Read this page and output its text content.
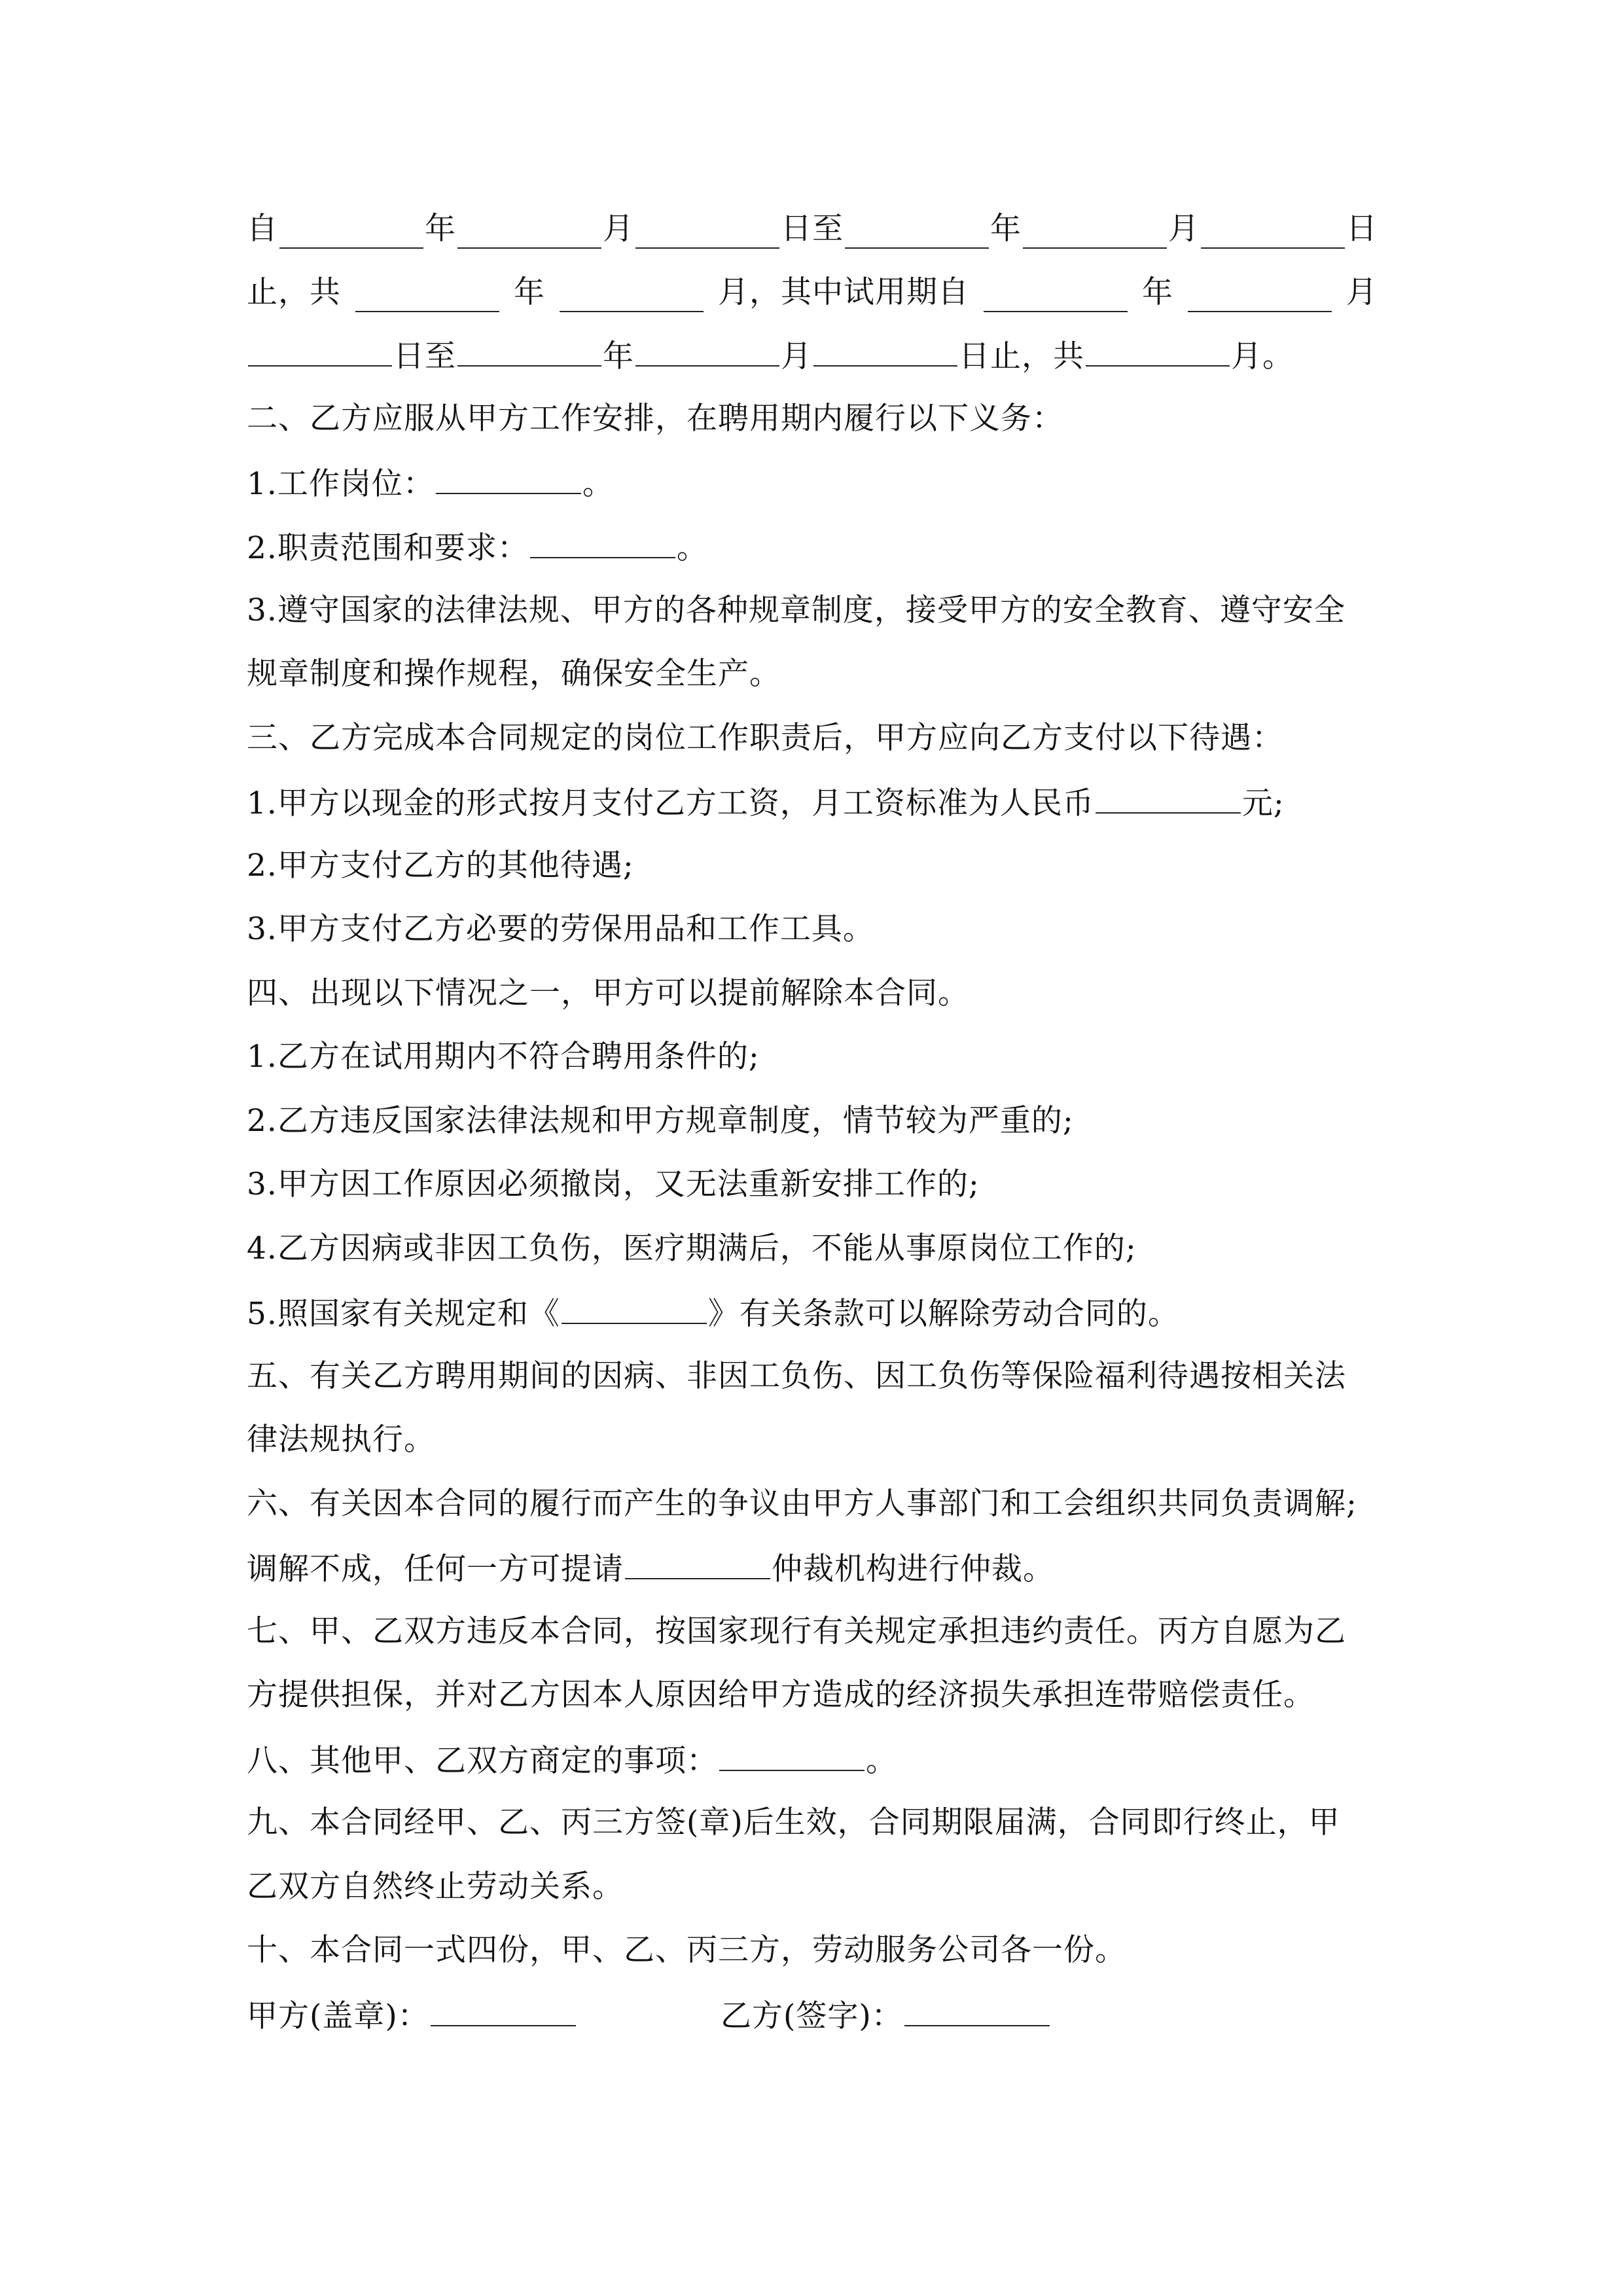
自	年	月	日至	年	月	日
止，共	年	月，其中试用期自	年	月
日至	年	月	日止，共	月。
二、乙方应服从甲方工作安排，在聘用期内履行以下义务：
1.工作岗位：	。
2.职责范围和要求：	。
3.遵守国家的法律法规、甲方的各种规章制度，接受甲方的安全教育、遵守安全
规章制度和操作规程，确保安全生产。
三、乙方完成本合同规定的岗位工作职责后，甲方应向乙方支付以下待遇：
1.甲方以现金的形式按月支付乙方工资，月工资标准为人民币	元;
2.甲方支付乙方的其他待遇;
3.甲方支付乙方必要的劳保用品和工作工具。
四、出现以下情况之一，甲方可以提前解除本合同。
1.乙方在试用期内不符合聘用条件的;
2.乙方违反国家法律法规和甲方规章制度，情节较为严重的;
3.甲方因工作原因必须撤岗，又无法重新安排工作的;
4.乙方因病或非因工负伤，医疗期满后，不能从事原岗位工作的;
5.照国家有关规定和《	》有关条款可以解除劳动合同的。
五、有关乙方聘用期间的因病、非因工负伤、因工负伤等保险福利待遇按相关法
律法规执行。
六、有关因本合同的履行而产生的争议由甲方人事部门和工会组织共同负责调解;
调解不成，任何一方可提请	仲裁机构进行仲裁。
七、甲、乙双方违反本合同，按国家现行有关规定承担违约责任。丙方自愿为乙
方提供担保，并对乙方因本人原因给甲方造成的经济损失承担连带赔偿责任。
八、其他甲、乙双方商定的事项：	。
九、本合同经甲、乙、丙三方签(章)后生效，合同期限届满，合同即行终止，甲
乙双方自然终止劳动关系。
十、本合同一式四份，甲、乙、丙三方，劳动服务公司各一份。
甲方(盖章)：	乙方(签字)：
